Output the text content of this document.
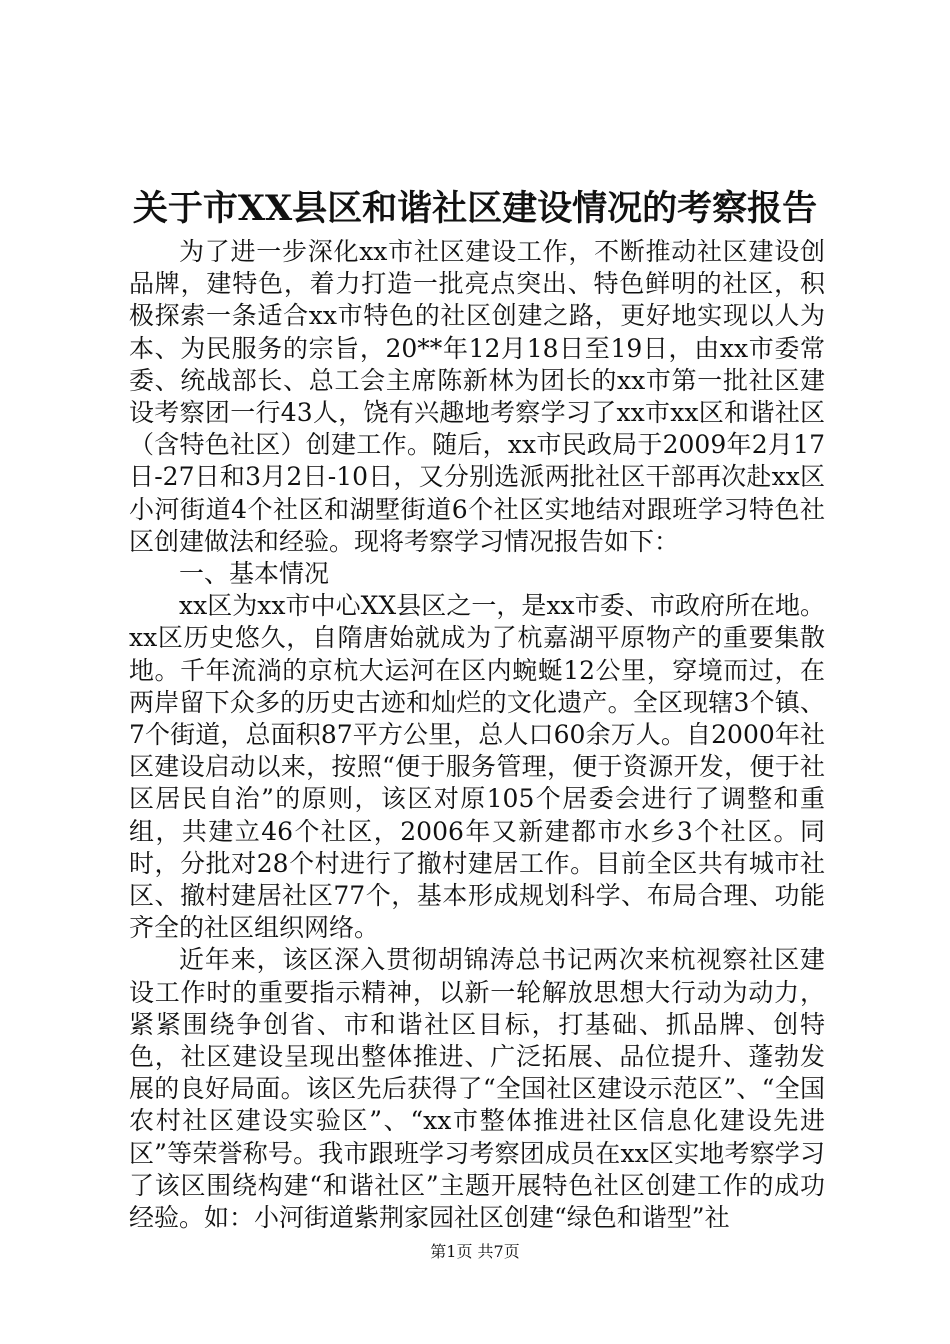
关于市XX县区和谐社区建设情况的考察报告

为了进一步深化xx市社区建设工作，不断推动社区建设创品牌，建特色，着力打造一批亮点突出、特色鲜明的社区，积极探索一条适合xx市特色的社区创建之路，更好地实现以人为本、为民服务的宗旨，20**年12月18日至19日，由xx市委常委、统战部长、总工会主席陈新林为团长的xx市第一批社区建设考察团一行43人，饶有兴趣地考察学习了xx市xx区和谐社区（含特色社区）创建工作。随后，xx市民政局于2009年2月17日-27日和3月2日-10日，又分别选派两批社区干部再次赴xx区小河街道4个社区和湖墅街道6个社区实地结对跟班学习特色社区创建做法和经验。现将考察学习情况报告如下：

一、基本情况

xx区为xx市中心XX县区之一，是xx市委、市政府所在地。xx区历史悠久，自隋唐始就成为了杭嘉湖平原物产的重要集散地。千年流淌的京杭大运河在区内蜿蜒12公里，穿境而过，在两岸留下众多的历史古迹和灿烂的文化遗产。全区现辖3个镇、7个街道，总面积87平方公里，总人口60余万人。自2000年社区建设启动以来，按照“便于服务管理，便于资源开发，便于社区居民自治”的原则，该区对原105个居委会进行了调整和重组，共建立46个社区，2006年又新建都市水乡3个社区。同时，分批对28个村进行了撤村建居工作。目前全区共有城市社区、撤村建居社区77个，基本形成规划科学、布局合理、功能齐全的社区组织网络。

近年来，该区深入贯彻胡锦涛总书记两次来杭视察社区建设工作时的重要指示精神，以新一轮解放思想大行动为动力，紧紧围绕争创省、市和谐社区目标，打基础、抓品牌、创特色，社区建设呈现出整体推进、广泛拓展、品位提升、蓬勃发展的良好局面。该区先后获得了“全国社区建设示范区”、“全国农村社区建设实验区”、“xx市整体推进社区信息化建设先进区”等荣誉称号。我市跟班学习考察团成员在xx区实地考察学习了该区围绕构建“和谐社区”主题开展特色社区创建工作的成功经验。如：小河街道紫荆家园社区创建“绿色和谐型”社

第1页 共7页
